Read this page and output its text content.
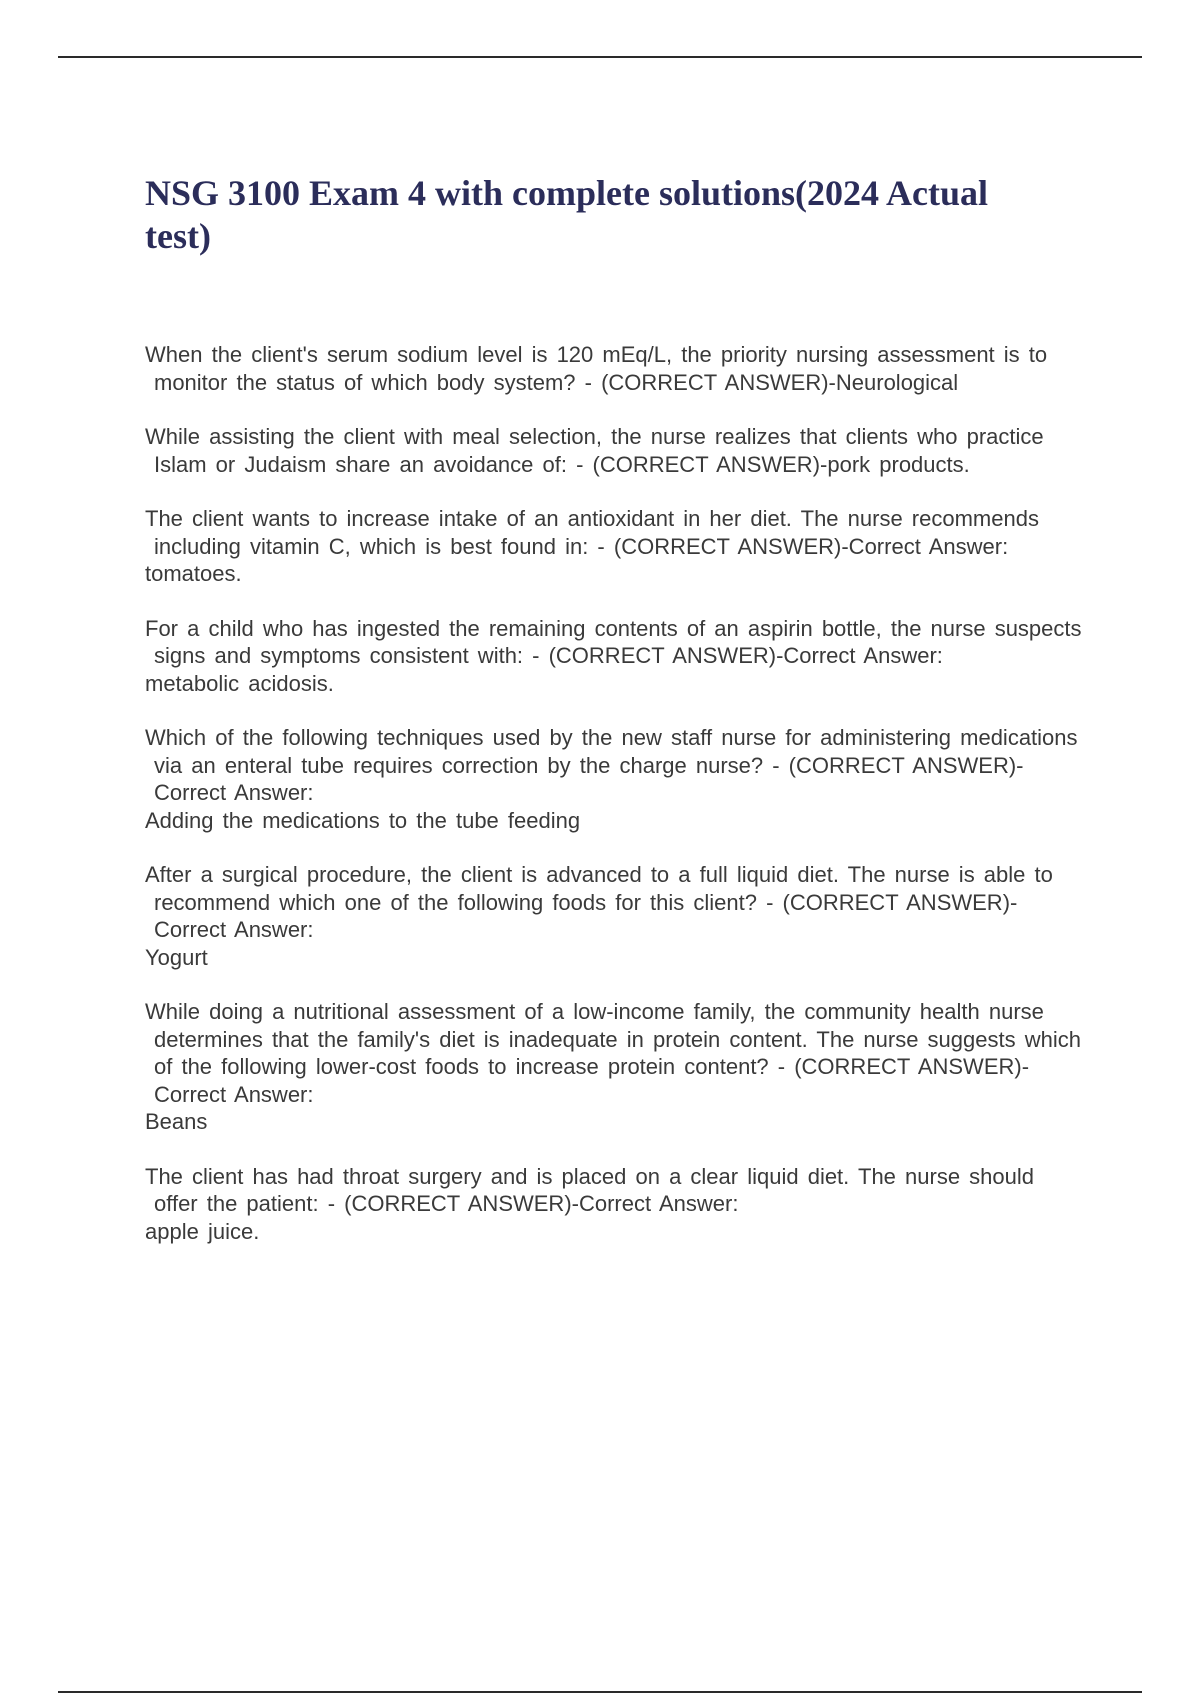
NSG 3100 Exam 4 with complete solutions(2024 Actual test)
When the client's serum sodium level is 120 mEq/L, the priority nursing assessment is to monitor the status of which body system? - (CORRECT ANSWER)-Neurological
While assisting the client with meal selection, the nurse realizes that clients who practice Islam or Judaism share an avoidance of: - (CORRECT ANSWER)-pork products.
The client wants to increase intake of an antioxidant in her diet. The nurse recommends including vitamin C, which is best found in: - (CORRECT ANSWER)-Correct Answer:
tomatoes.
For a child who has ingested the remaining contents of an aspirin bottle, the nurse suspects signs and symptoms consistent with: - (CORRECT ANSWER)-Correct Answer:
metabolic acidosis.
Which of the following techniques used by the new staff nurse for administering medications via an enteral tube requires correction by the charge nurse? - (CORRECT ANSWER)-Correct Answer:
Adding the medications to the tube feeding
After a surgical procedure, the client is advanced to a full liquid diet. The nurse is able to recommend which one of the following foods for this client? - (CORRECT ANSWER)-Correct Answer:
Yogurt
While doing a nutritional assessment of a low-income family, the community health nurse determines that the family's diet is inadequate in protein content. The nurse suggests which of the following lower-cost foods to increase protein content? - (CORRECT ANSWER)-Correct Answer:
Beans
The client has had throat surgery and is placed on a clear liquid diet. The nurse should offer the patient: - (CORRECT ANSWER)-Correct Answer:
apple juice.
